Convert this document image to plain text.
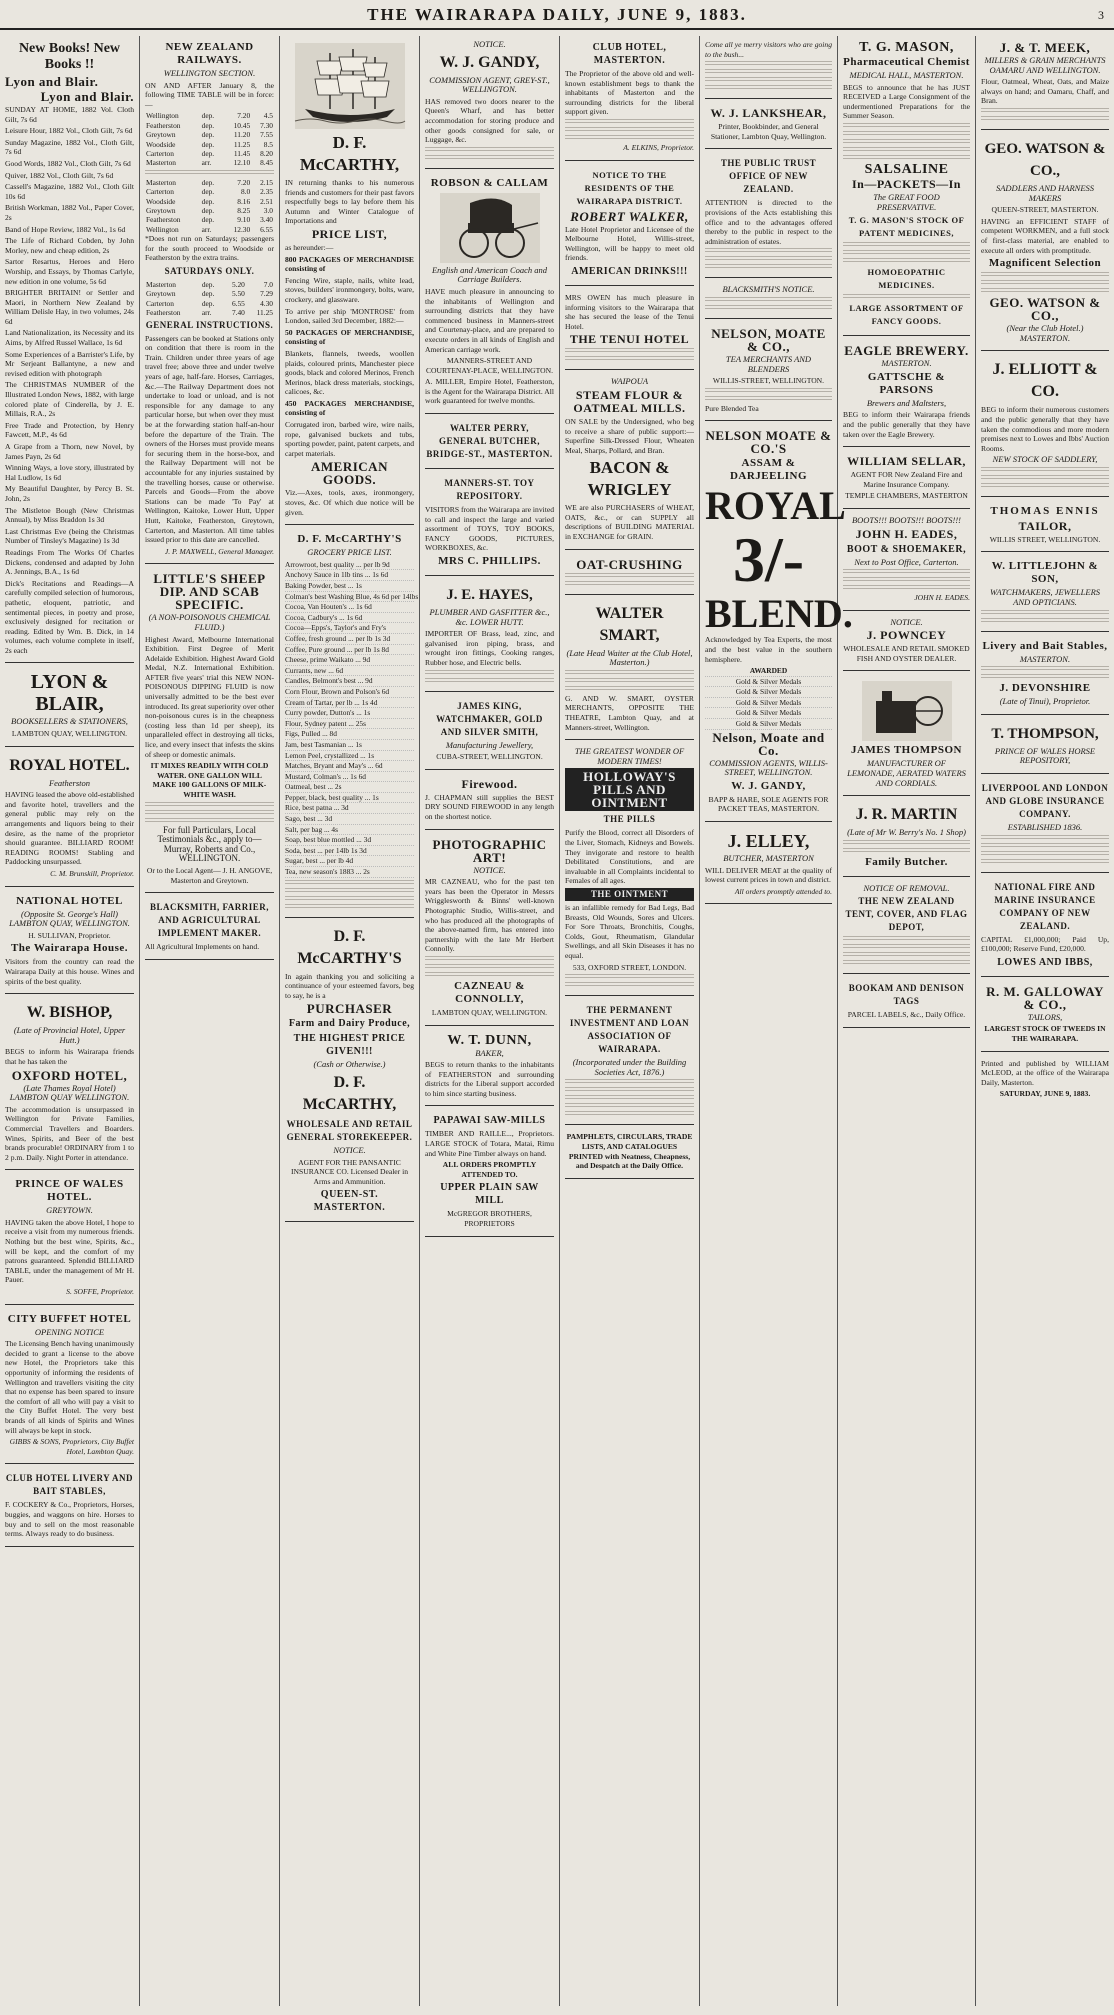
THE WAIRARAPA DAILY, JUNE 9, 1883.	3
New Books! New Books !!
Lyon and Blair.
Lyon and Blair.

SUNDAY AT HOME, 1882 Vol. Cloth Gilt, 7s 6d

Leisure Hour, 1882 Vol., Cloth Gilt, 7s 6d

Sunday Magazine, 1882 Vol., Cloth Gilt, 7s 6d

Good Words, 1882 Vol., Cloth Gilt, 7s 6d

Quiver, 1882 Vol., Cloth Gilt, 7s 6d

Cassell's Magazine, 1882 Vol., Cloth Gilt 10s 6d

British Workman, 1882 Vol., Paper Cover, 2s

Band of Hope Review, 1882 Vol., 1s 6d

The Life of Richard Cobden, by John Morley, new and cheap edition, 2s

Sartor Resartus, Heroes and Hero Worship, and Essays, by Thomas Carlyle, new edition in one volume, 5s 6d

BRIGHTER BRITAIN! or Settler and Maori, in Northern New Zealand by William Delisle Hay, in two volumes, 24s 6d

Land Nationalization, its Necessity and its Aims, by Alfred Russel Wallace, 1s 6d

Some Experiences of a Barrister's Life, by Mr Serjeant Ballantyne, a new and revised edition with photograph

The CHRISTMAS NUMBER of the Illustrated London News, 1882, with large colored plate of Cinderella, by J. E. Millais, R.A., 2s

Free Trade and Protection, by Henry Fawcett, M.P., 4s 6d

A Grape from a Thorn, new Novel, by James Payn, 2s 6d

Winning Ways, a love story, illustrated by Hal Ludlow, 1s 6d

My Beautiful Daughter, by Percy B. St. John, 2s

The Mistletoe Bough (New Christmas Annual), by Miss Braddon 1s 3d

Last Christmas Eve (being the Christmas Number of Tinsley's Magazine) 1s 3d

Readings From The Works Of Charles Dickens, condensed and adapted by John A. Jennings, B.A., 1s 6d

Dick's Recitations and Readings—A carefully compiled selection of humorous, pathetic, eloquent, patriotic, and sentimental pieces, in poetry and prose, exclusively designed for recitation or reading. Edited by Wm. B. Dick, in 14 volumes, each volume complete in itself, 2s each

LYON & BLAIR,
BOOKSELLERS & STATIONERS,

LAMBTON QUAY, WELLINGTON.

ROYAL HOTEL.
Featherston

HAVING leased the above old-established and favorite hotel, travellers and the general public may rely on the arrangements and liquors being to their desire, as the name of the proprietor should guarantee. BILLIARD ROOM! READING ROOMS! Stabling and Paddocking unsurpassed.

C. M. Brunskill, Proprietor.

NATIONAL HOTEL
(Opposite St. George's Hall) LAMBTON QUAY, WELLINGTON.

H. SULLIVAN, Proprietor.

The Wairarapa House.

Visitors from the country can read the Wairarapa Daily at this house. Wines and spirits of the best quality.

W. BISHOP,
(Late of Provincial Hotel, Upper Hutt.)

BEGS to inform his Wairarapa friends that he has taken the

OXFORD HOTEL,
(Late Thames Royal Hotel) LAMBTON QUAY WELLINGTON.

The accommodation is unsurpassed in Wellington for Private Families, Commercial Travellers and Boarders. Wines, Spirits, and Beer of the best brands procurable! ORDINARY from 1 to 2 p.m. Daily. Night Porter in attendance.

PRINCE OF WALES HOTEL.
GREYTOWN.

HAVING taken the above Hotel, I hope to receive a visit from my numerous friends. Nothing but the best wine, Spirits, &c., will be kept, and the comfort of my patrons guaranteed. Splendid BILLIARD TABLE, under the management of Mr H. Pauer.

S. SOFFE, Proprietor.

CITY BUFFET HOTEL
OPENING NOTICE

The Licensing Bench having unanimously decided to grant a license to the above new Hotel, the Proprietors take this opportunity of informing the residents of Wellington and travellers visiting the city that no expense has been spared to insure the comfort of all who will pay a visit to the City Buffet Hotel. The very best brands of all kinds of Spirits and Wines will always be kept in stock.

GIBBS & SONS, Proprietors, City Buffet Hotel, Lambton Quay.

CLUB HOTEL LIVERY AND BAIT STABLES,

F. COCKERY & Co., Proprietors, Horses, buggies, and waggons on hire. Horses to buy and to sell on the most reasonable terms. Always ready to do business.

NEW ZEALAND RAILWAYS.
WELLINGTON SECTION.

ON AND AFTER January 8, the following TIME TABLE will be in force:—

Wellington	dep.	7.20	4.5
Featherston	dep.	10.45	7.30
Greytown	dep.	11.20	7.55
Woodside	dep.	11.25	8.5
Carterton	dep.	11.45	8.20
Masterton	arr.	12.10	8.45
Masterton	dep.	7.20	2.15
Carterton	dep.	8.0	2.35
Woodside	dep.	8.16	2.51
Greytown	dep.	8.25	3.0
Featherston	dep.	9.10	3.40
Wellington	arr.	12.30	6.55

*Does not run on Saturdays; passengers for the south proceed to Woodside or Featherston by the extra trains.

SATURDAYS ONLY.
Masterton	dep.	5.20	7.0
Greytown	dep.	5.50	7.29
Carterton	dep.	6.55	4.30
Featherston	arr.	7.40	11.25
GENERAL INSTRUCTIONS.

Passengers can be booked at Stations only on condition that there is room in the Train. Children under three years of age travel free; above three and under twelve years of age, half-fare. Horses, Carriages, &c.—The Railway Department does not undertake to load or unload, and is not responsible for any damage to any particular horse, but when over they must be at the forwarding station half-an-hour before the departure of the Train. The owners of the Horses must provide means for securing them in the horse-box, and the Railway Department will not be accountable for any injuries sustained by the travelling horses, cause or otherwise. Parcels and Goods—From the above Stations can be made 'To Pay' at Wellington, Kaitoke, Lower Hutt, Upper Hutt, Kaitoke, Featherston, Greytown, Carterton, and Masterton. All time tables issued prior to this date are cancelled.

J. P. MAXWELL, General Manager.

LITTLE'S SHEEP DIP. AND SCAB SPECIFIC.
(A NON-POISONOUS CHEMICAL FLUID.)

Highest Award, Melbourne International Exhibition. First Degree of Merit Adelaide Exhibition. Highest Award Gold Medal, N.Z. International Exhibition. AFTER five years' trial this NEW NON-POISONOUS DIPPING FLUID is now universally admitted to be the best ever introduced. Its great superiority over other non-poisonous cures is in the cheapness (costing less than 1d per sheep), its unparalleled effect in destroying all ticks, lice, and every insect that infests the skins of sheep or domestic animals.

IT MIXES READILY WITH COLD WATER. ONE GALLON WILL MAKE 100 GALLONS OF MILK-WHITE WASH.

For full Particulars, Local Testimonials &c., apply to— Murray, Roberts and Co., WELLINGTON.

Or to the Local Agent— J. H. ANGOVE, Masterton and Greytown.

BLACKSMITH, FARRIER, AND AGRICULTURAL IMPLEMENT MAKER.

All Agricultural Implements on hand.

D. F. McCARTHY,

IN returning thanks to his numerous friends and customers for their past favors respectfully begs to lay before them his Autumn and Winter Catalogue of Importations and

PRICE LIST,

as hereunder:—

800 PACKAGES OF MERCHANDISE consisting of

Fencing Wire, staple, nails, white lead, stoves, builders' ironmongery, bolts, ware, crockery, and glassware.

To arrive per ship 'MONTROSE' from London, sailed 3rd December, 1882:—

50 PACKAGES OF MERCHANDISE, consisting of

Blankets, flannels, tweeds, woollen plaids, coloured prints, Manchester piece goods, black and colored Merinos, French Merinos, black dress materials, stockings, calicoes, &c.

450 PACKAGES MERCHANDISE, consisting of

Corrugated iron, barbed wire, wire nails, rope, galvanised buckets and tubs, sporting powder, paint, patent carpets, and carpet materials.

AMERICAN GOODS.

Viz.—Axes, tools, axes, ironmongery, stoves, &c. Of which due notice will be given.

D. F. McCARTHY'S
GROCERY PRICE LIST.
Arrowroot, best quality ... per lb 9d
Anchovy Sauce in 1lb tins ... 1s 6d
Baking Powder, best ... 1s
Colman's best Washing Blue, 4s 6d per 14lbs
Cocoa, Van Houten's ... 1s 6d
Cocoa, Cadbury's ... 1s 6d
Cocoa—Epps's, Taylor's and Fry's
Coffee, fresh ground ... per lb 1s 3d
Coffee, Pure ground ... per lb 1s 8d
Cheese, prime Waikato ... 9d
Currants, new ... 6d
Candles, Belmont's best ... 9d
Corn Flour, Brown and Polson's 6d
Cream of Tartar, per lb ... 1s 4d
Curry powder, Dutton's ... 1s
Flour, Sydney patent ... 25s
Figs, Pulled ... 8d
Jam, best Tasmanian ... 1s
Lemon Peel, crystallized ... 1s
Matches, Bryant and May's ... 6d
Mustard, Colman's ... 1s 6d
Oatmeal, best ... 2s
Pepper, black, best quality ... 1s
Rice, best patna ... 3d
Sago, best ... 3d
Salt, per bag ... 4s
Soap, best blue mottled ... 3d
Soda, best ... per 14lb 1s 3d
Sugar, best ... per lb 4d
Tea, new season's 1883 ... 2s
D. F. McCARTHY'S

In again thanking you and soliciting a continuance of your esteemed favors, beg to say, he is a

PURCHASER
Farm and Dairy Produce,
THE HIGHEST PRICE GIVEN!!!
(Cash or Otherwise.)
D. F. McCARTHY,
WHOLESALE AND RETAIL GENERAL STOREKEEPER.
NOTICE.

AGENT FOR THE PANSANTIC INSURANCE CO. Licensed Dealer in Arms and Ammunition.

QUEEN-ST. MASTERTON.
NOTICE.
W. J. GANDY,
COMMISSION AGENT, GREY-ST., WELLINGTON.

HAS removed two doors nearer to the Queen's Wharf, and has better accommodation for storing produce and other goods consigned for sale, or Luggage, &c.

ROBSON & CALLAM
English and American Coach and Carriage Builders.

HAVE much pleasure in announcing to the inhabitants of Wellington and surrounding districts that they have commenced business in Manners-street and Courtenay-place, and are prepared to execute orders in all kinds of English and American carriage work.

MANNERS-STREET AND COURTENAY-PLACE, WELLINGTON.

A. MILLER, Empire Hotel, Featherston, is the Agent for the Wairarapa District. All work guaranteed for twelve months.

WALTER PERRY, GENERAL BUTCHER, BRIDGE-ST., MASTERTON.
MANNERS-ST. TOY REPOSITORY.

VISITORS from the Wairarapa are invited to call and inspect the large and varied assortment of TOYS, TOY BOOKS, FANCY GOODS, PICTURES, WORKBOXES, &c.

MRS C. PHILLIPS.
J. E. HAYES,
PLUMBER AND GASFITTER &c., &c. LOWER HUTT.

IMPORTER OF Brass, lead, zinc, and galvanised iron piping, brass, and wrought iron fittings, Cooking ranges, Rubber hose, and Electric bells.

JAMES KING, WATCHMAKER, GOLD AND SILVER SMITH,
Manufacturing Jewellery,

CUBA-STREET, WELLINGTON.

Firewood.

J. CHAPMAN still supplies the BEST DRY SOUND FIREWOOD in any length on the shortest notice.

PHOTOGRAPHIC ART!
NOTICE.

MR CAZNEAU, who for the past ten years has been the Operator in Messrs Wrigglesworth & Binns' well-known Photographic Studio, Willis-street, and who has produced all the photographs of the above-named firm, has entered into partnership with the late Mr Herbert Connolly.

CAZNEAU & CONNOLLY,

LAMBTON QUAY, WELLINGTON.

W. T. DUNN,
BAKER,

BEGS to return thanks to the inhabitants of FEATHERSTON and surrounding districts for the Liberal support accorded to him since starting business.

PAPAWAI SAW-MILLS

TIMBER AND RAILLE..., Proprietors. LARGE STOCK of Totara, Matai, Rimu and White Pine Timber always on hand.

ALL ORDERS PROMPTLY ATTENDED TO.

UPPER PLAIN SAW MILL

McGREGOR BROTHERS, PROPRIETORS

CLUB HOTEL, MASTERTON.

The Proprietor of the above old and well-known establishment begs to thank the inhabitants of Masterton and the surrounding districts for the liberal support given.

A. ELKINS, Proprietor.

NOTICE TO THE RESIDENTS OF THE WAIRARAPA DISTRICT.
ROBERT WALKER,

Late Hotel Proprietor and Licensee of the Melbourne Hotel, Willis-street, Wellington, will be happy to meet old friends.

AMERICAN DRINKS!!!

MRS OWEN has much pleasure in informing visitors to the Wairarapa that she has secured the lease of the Tenui Hotel.

THE TENUI HOTEL
WAIPOUA
STEAM FLOUR & OATMEAL MILLS.

ON SALE by the Undersigned, who beg to receive a share of public support:— Superfine Silk-Dressed Flour, Wheaten Meal, Sharps, Pollard, and Bran.

BACON & WRIGLEY

WE are also PURCHASERS of WHEAT, OATS, &c., or can SUPPLY all descriptions of BUILDING MATERIAL in EXCHANGE for GRAIN.

OAT-CRUSHING
WALTER SMART,
(Late Head Waiter at the Club Hotel, Masterton.)

G. AND W. SMART, OYSTER MERCHANTS, OPPOSITE THE THEATRE, Lambton Quay, and at Manners-street, Wellington.

THE GREATEST WONDER OF MODERN TIMES!
HOLLOWAY'S PILLS AND OINTMENT
THE PILLS

Purify the Blood, correct all Disorders of the Liver, Stomach, Kidneys and Bowels. They invigorate and restore to health Debilitated Constitutions, and are invaluable in all Complaints incidental to Females of all ages.

THE OINTMENT

is an infallible remedy for Bad Legs, Bad Breasts, Old Wounds, Sores and Ulcers. For Sore Throats, Bronchitis, Coughs, Colds, Gout, Rheumatism, Glandular Swellings, and all Skin Diseases it has no equal.

533, OXFORD STREET, LONDON.

THE PERMANENT INVESTMENT AND LOAN ASSOCIATION OF WAIRARAPA.
(Incorporated under the Building Societies Act, 1876.)

PAMPHLETS, CIRCULARS, TRADE LISTS, AND CATALOGUES PRINTED with Neatness, Cheapness, and Despatch at the Daily Office.

Come all ye merry visitors who are going to the bush...

W. J. LANKSHEAR,

Printer, Bookbinder, and General Stationer, Lambton Quay, Wellington.

THE PUBLIC TRUST OFFICE OF NEW ZEALAND.

ATTENTION is directed to the provisions of the Acts establishing this office and to the advantages offered thereby to the public in respect to the administration of estates.

BLACKSMITH'S NOTICE.
NELSON, MOATE & CO.,
TEA MERCHANTS AND BLENDERS

WILLIS-STREET, WELLINGTON.

Pure Blended Tea

NELSON MOATE & CO.'S
ASSAM & DARJEELING
ROYAL
3/-
BLEND.

Acknowledged by Tea Experts, the most and the best value in the southern hemisphere.

AWARDED
Gold & Silver Medals
Gold & Silver Medals
Gold & Silver Medals
Gold & Silver Medals
Gold & Silver Medals
Nelson, Moate and Co.
COMMISSION AGENTS, WILLIS-STREET, WELLINGTON.
W. J. GANDY,

BAPP & HARE, SOLE AGENTS FOR PACKET TEAS, MASTERTON.

J. ELLEY,
BUTCHER, MASTERTON

WILL DELIVER MEAT at the quality of lowest current prices in town and district.

All orders promptly attended to.

T. G. MASON,
Pharmaceutical Chemist
MEDICAL HALL, MASTERTON.

BEGS to announce that he has JUST RECEIVED a Large Consignment of the undermentioned Preparations for the Summer Season.

SALSALINE
In—PACKETS—In
The GREAT FOOD PRESERVATIVE.
T. G. MASON'S STOCK OF PATENT MEDICINES,
HOMOEOPATHIC MEDICINES.
LARGE ASSORTMENT OF FANCY GOODS.
EAGLE BREWERY.
MASTERTON.
GATTSCHE & PARSONS
Brewers and Maltsters,

BEG to inform their Wairarapa friends and the public generally that they have taken over the Eagle Brewery.

WILLIAM SELLAR,

AGENT FOR New Zealand Fire and Marine Insurance Company.

TEMPLE CHAMBERS, MASTERTON

BOOTS!!! BOOTS!!! BOOTS!!!
JOHN H. EADES,
BOOT & SHOEMAKER,
Next to Post Office, Carterton.

JOHN H. EADES.

NOTICE.
J. POWNCEY

WHOLESALE AND RETAIL SMOKED FISH AND OYSTER DEALER.

JAMES THOMPSON
MANUFACTURER OF LEMONADE, AERATED WATERS AND CORDIALS.
J. R. MARTIN
(Late of Mr W. Berry's No. 1 Shop)
Family Butcher.
NOTICE OF REMOVAL.
THE NEW ZEALAND TENT, COVER, AND FLAG DEPOT,
BOOKAM AND DENISON TAGS

PARCEL LABELS, &c., Daily Office.

J. & T. MEEK,
MILLERS & GRAIN MERCHANTS OAMARU AND WELLINGTON.

Flour, Oatmeal, Wheat, Oats, and Maize always on hand; and Oamaru, Chaff, and Bran.

GEO. WATSON & CO.,
SADDLERS AND HARNESS MAKERS

QUEEN-STREET, MASTERTON.

HAVING an EFFICIENT STAFF of competent WORKMEN, and a full stock of first-class material, are enabled to execute all orders with promptitude.

Magnificent Selection
GEO. WATSON & CO.,
(Near the Club Hotel.) MASTERTON.
J. ELLIOTT & CO.

BEG to inform their numerous customers and the public generally that they have taken the commodious and more modern premises next to Lowes and Ibbs' Auction Rooms.

NEW STOCK OF SADDLERY,
THOMAS ENNIS
TAILOR,

WILLIS STREET, WELLINGTON.

W. LITTLEJOHN & SON,
WATCHMAKERS, JEWELLERS AND OPTICIANS.
Livery and Bait Stables,
MASTERTON.
J. DEVONSHIRE
(Late of Tinui), Proprietor.
T. THOMPSON,
PRINCE OF WALES HORSE REPOSITORY,
LIVERPOOL AND LONDON AND GLOBE INSURANCE COMPANY.
ESTABLISHED 1836.
NATIONAL FIRE AND MARINE INSURANCE COMPANY OF NEW ZEALAND.

CAPITAL £1,000,000; Paid Up, £100,000; Reserve Fund, £20,000.

LOWES AND IBBS,
R. M. GALLOWAY & CO.,
TAILORS,

LARGEST STOCK OF TWEEDS IN THE WAIRARAPA.

Printed and published by WILLIAM McLEOD, at the office of the Wairarapa Daily, Masterton.

SATURDAY, JUNE 9, 1883.
